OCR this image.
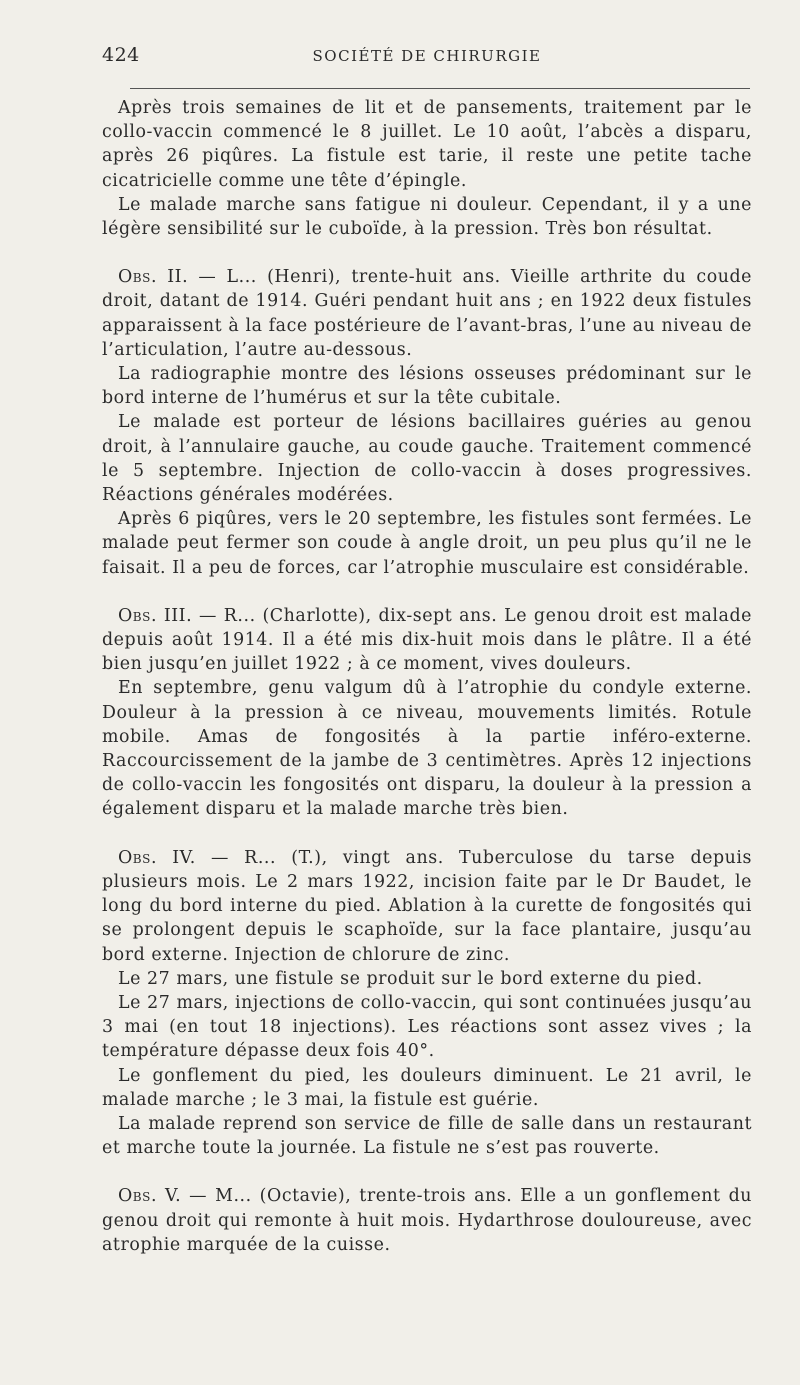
424	SOCIÉTÉ DE CHIRURGIE

Après trois semaines de lit et de pansements, traitement par le collo-vaccin commencé le 8 juillet. Le 10 août, l’abcès a disparu, après 26 piqûres. La fistule est tarie, il reste une petite tache cicatricielle comme une tête d’épingle.

Le malade marche sans fatigue ni douleur. Cependant, il y a une légère sensibilité sur le cuboïde, à la pression. Très bon résultat.

Obs. II. — L... (Henri), trente-huit ans. Vieille arthrite du coude droit, datant de 1914. Guéri pendant huit ans ; en 1922 deux fistules apparaissent à la face postérieure de l’avant-bras, l’une au niveau de l’articulation, l’autre au-dessous.

La radiographie montre des lésions osseuses prédominant sur le bord interne de l’humérus et sur la tête cubitale.

Le malade est porteur de lésions bacillaires guéries au genou droit, à l’annulaire gauche, au coude gauche. Traitement commencé le 5 septembre. Injection de collo-vaccin à doses progressives. Réactions générales modérées.

Après 6 piqûres, vers le 20 septembre, les fistules sont fermées. Le malade peut fermer son coude à angle droit, un peu plus qu’il ne le faisait. Il a peu de forces, car l’atrophie musculaire est considérable.

Obs. III. — R... (Charlotte), dix-sept ans. Le genou droit est malade depuis août 1914. Il a été mis dix-huit mois dans le plâtre. Il a été bien jusqu’en juillet 1922 ; à ce moment, vives douleurs.

En septembre, genu valgum dû à l’atrophie du condyle externe. Douleur à la pression à ce niveau, mouvements limités. Rotule mobile. Amas de fongosités à la partie inféro-externe. Raccourcissement de la jambe de 3 centimètres. Après 12 injections de collo-vaccin les fongosités ont disparu, la douleur à la pression a également disparu et la malade marche très bien.

Obs. IV. — R... (T.), vingt ans. Tuberculose du tarse depuis plusieurs mois. Le 2 mars 1922, incision faite par le Dr Baudet, le long du bord interne du pied. Ablation à la curette de fongosités qui se prolongent depuis le scaphoïde, sur la face plantaire, jusqu’au bord externe. Injection de chlorure de zinc.

Le 27 mars, une fistule se produit sur le bord externe du pied.

Le 27 mars, injections de collo-vaccin, qui sont continuées jusqu’au 3 mai (en tout 18 injections). Les réactions sont assez vives ; la température dépasse deux fois 40°.

Le gonflement du pied, les douleurs diminuent. Le 21 avril, le malade marche ; le 3 mai, la fistule est guérie.

La malade reprend son service de fille de salle dans un restaurant et marche toute la journée. La fistule ne s’est pas rouverte.

Obs. V. — M... (Octavie), trente-trois ans. Elle a un gonflement du genou droit qui remonte à huit mois. Hydarthrose douloureuse, avec atrophie marquée de la cuisse.
